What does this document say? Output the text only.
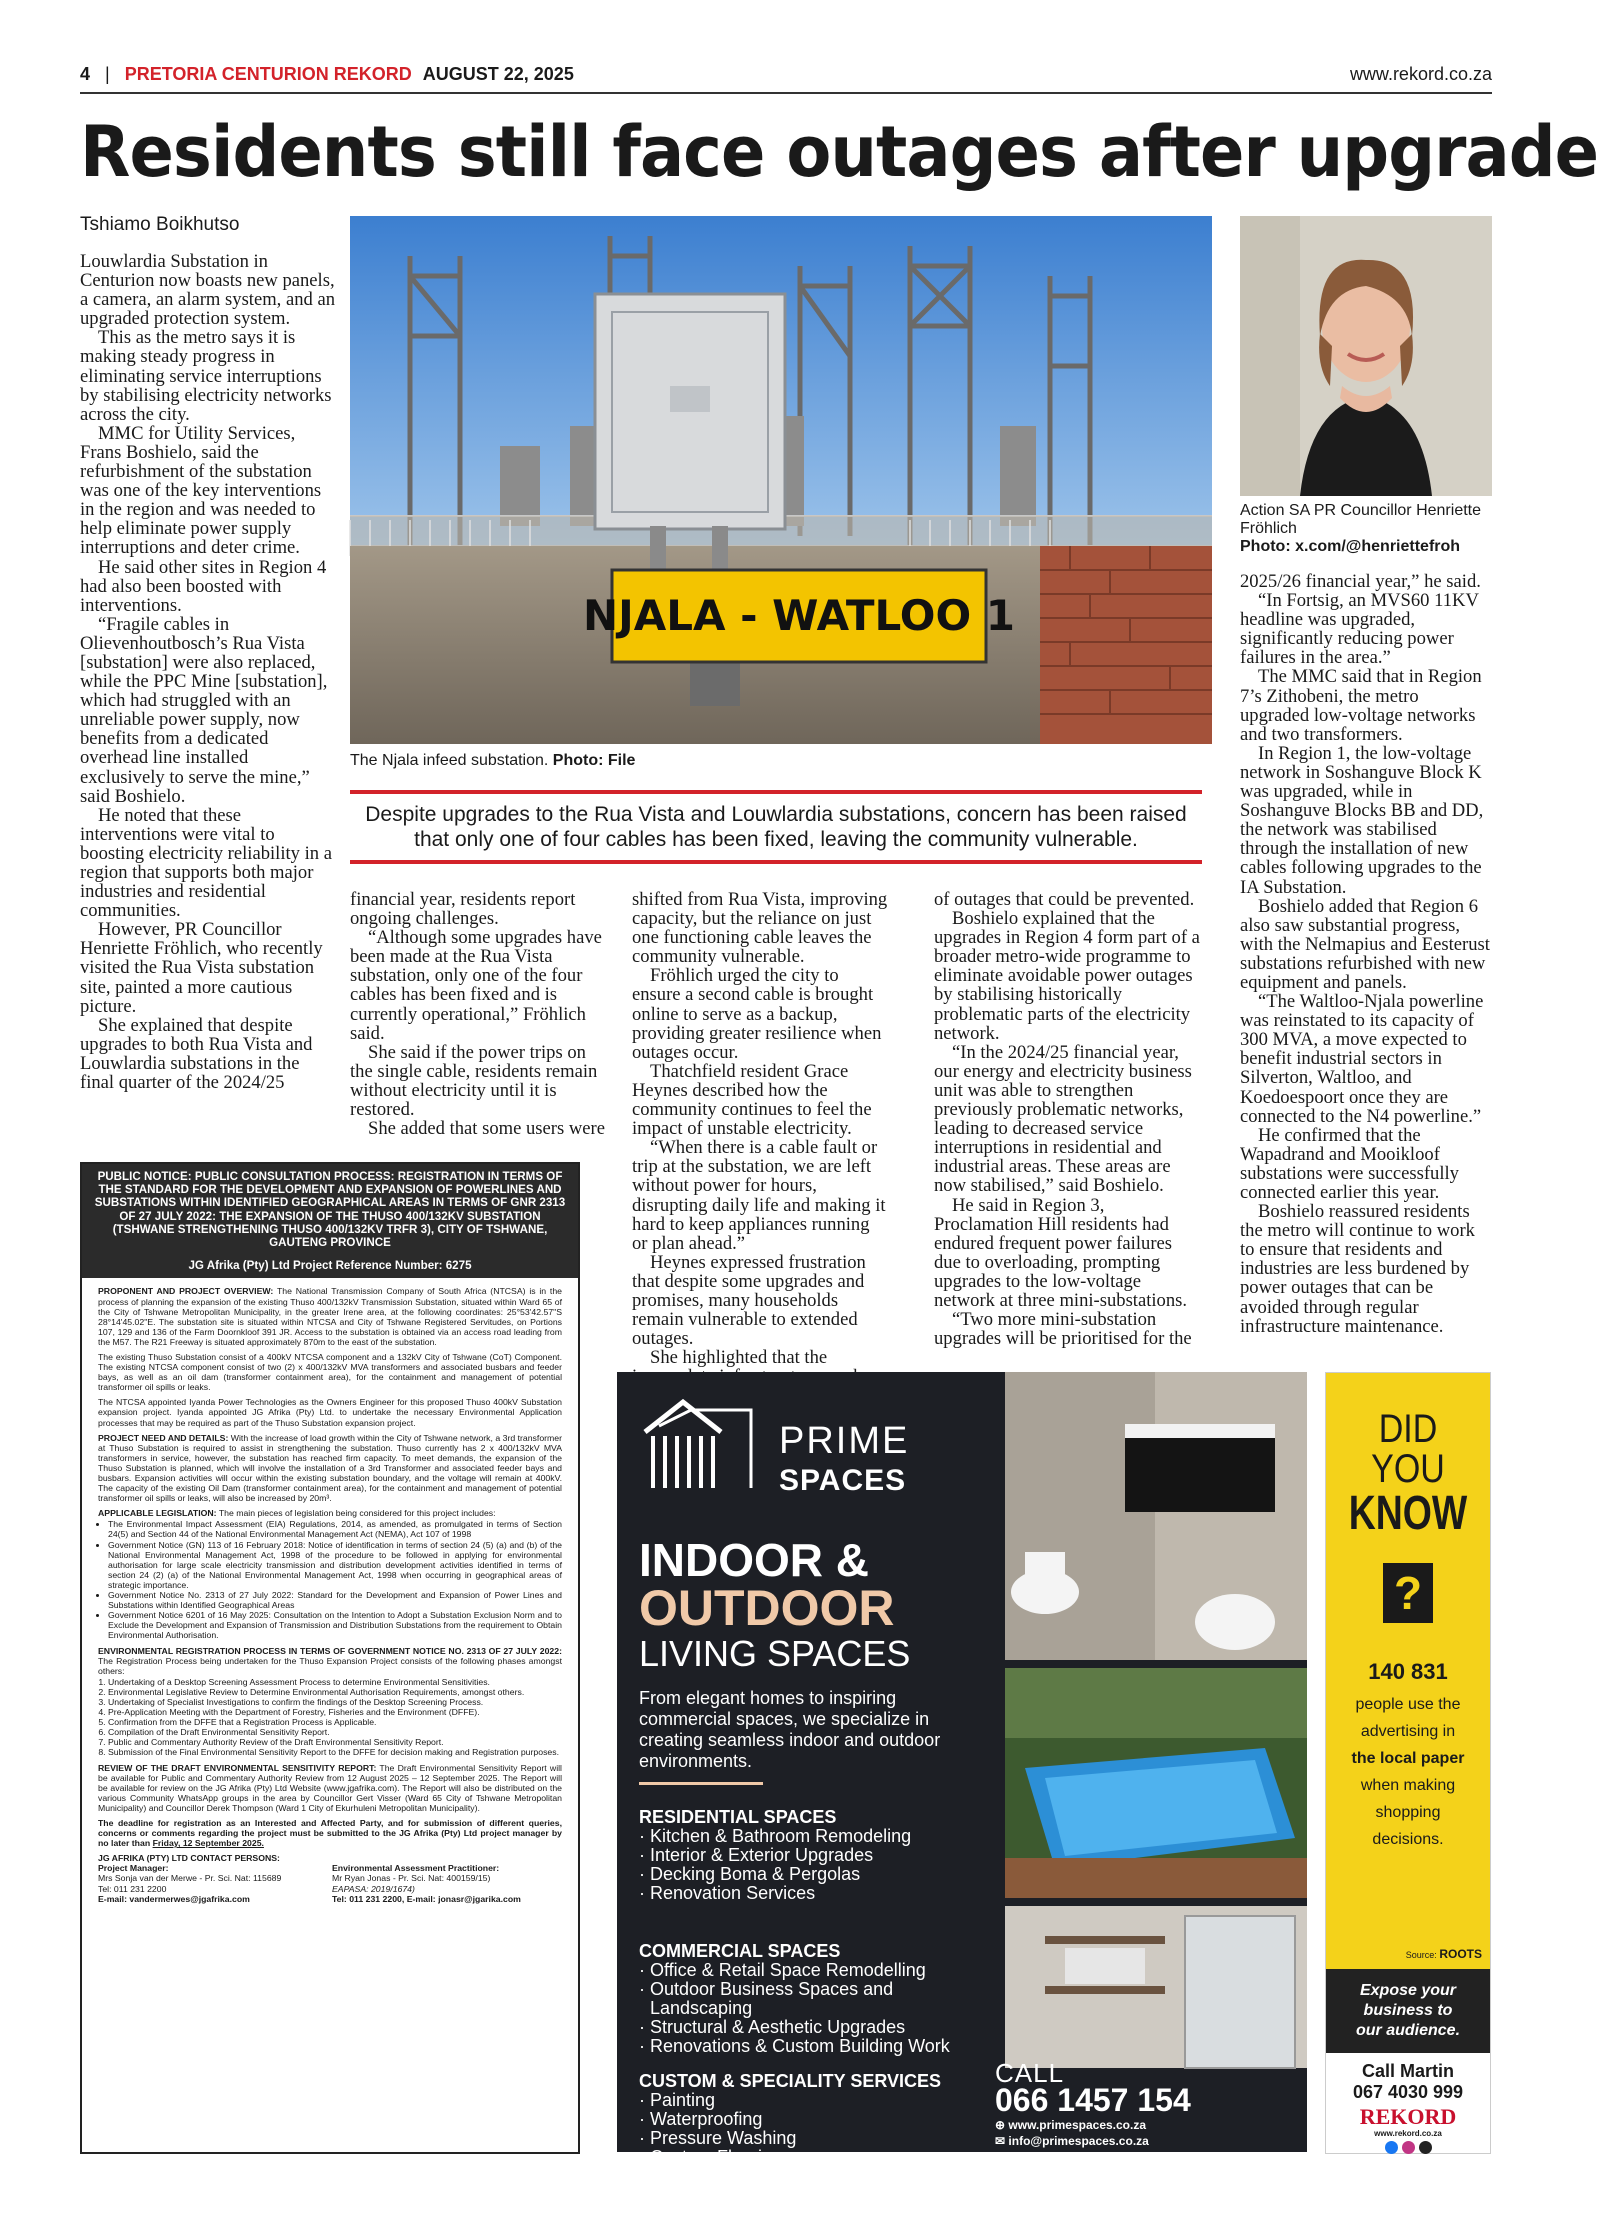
4 | PRETORIA CENTURION REKORD AUGUST 22, 2025	www.rekord.co.za
Residents still face outages after upgrade
Tshiamo Boikhutso

Louwlardia Substation in Centurion now boasts new panels, a camera, an alarm system, and an upgraded protection system.

This as the metro says it is making steady progress in eliminating service interruptions by stabilising electricity networks across the city.

MMC for Utility Services, Frans Boshielo, said the refurbishment of the substation was one of the key interventions in the region and was needed to help eliminate power supply interruptions and deter crime.

He said other sites in Region 4 had also been boosted with interventions.

“Fragile cables in Olievenhoutbosch’s Rua Vista [substation] were also replaced, while the PPC Mine [substation], which had struggled with an unreliable power supply, now benefits from a dedicated overhead line installed exclusively to serve the mine,” said Boshielo.

He noted that these interventions were vital to boosting electricity reliability in a region that supports both major industries and residential communities.

However, PR Councillor Henriette Fröhlich, who recently visited the Rua Vista substation site, painted a more cautious picture.

She explained that despite upgrades to both Rua Vista and Louwlardia substations in the final quarter of the 2024/25

NJALA - WATLOO 1
The Njala infeed substation. Photo: File
Action SA PR Councillor Henriette Fröhlich
Photo: x.com/@henriettefroh
Despite upgrades to the Rua Vista and Louwlardia substations, concern has been raised that only one of four cables has been fixed, leaving the community vulnerable.

financial year, residents report ongoing challenges.

“Although some upgrades have been made at the Rua Vista substation, only one of the four cables has been fixed and is currently operational,” Fröhlich said.

She said if the power trips on the single cable, residents remain without electricity until it is restored.

She added that some users were

shifted from Rua Vista, improving capacity, but the reliance on just one functioning cable leaves the community vulnerable.

Fröhlich urged the city to ensure a second cable is brought online to serve as a backup, providing greater resilience when outages occur.

Thatchfield resident Grace Heynes described how the community continues to feel the impact of unstable electricity.

“When there is a cable fault or trip at the substation, we are left without power for hours, disrupting daily life and making it hard to keep appliances running or plan ahead.”

Heynes expressed frustration that despite some upgrades and promises, many households remain vulnerable to extended outages.

She highlighted that the

of outages that could be prevented.

Boshielo explained that the upgrades in Region 4 form part of a broader metro-wide programme to eliminate avoidable power outages by stabilising historically problematic parts of the electricity network.

“In the 2024/25 financial year, our energy and electricity business unit was able to strengthen previously problematic networks, leading to decreased service interruptions in residential and industrial areas. These areas are now stabilised,” said Boshielo.

He said in Region 3, Proclamation Hill residents had endured frequent power failures due to overloading, prompting upgrades to the low-voltage network at three mini-substations.

“Two more mini-substation upgrades will be prioritised for the

2025/26 financial year,” he said.

“In Fortsig, an MVS60 11KV headline was upgraded, significantly reducing power failures in the area.”

The MMC said that in Region 7’s Zithobeni, the metro upgraded low-voltage networks and two transformers.

In Region 1, the low-voltage network in Soshanguve Block K was upgraded, while in Soshanguve Blocks BB and DD, the network was stabilised through the installation of new cables following upgrades to the IA Substation.

Boshielo added that Region 6 also saw substantial progress, with the Nelmapius and Eesterust substations refurbished with new equipment and panels.

“The Waltloo-Njala powerline was reinstated to its capacity of 300 MVA, a move expected to benefit industrial sectors in Silverton, Waltloo, and Koedoespoort once they are connected to the N4 powerline.”

He confirmed that the Wapadrand and Mooikloof substations were successfully connected earlier this year.

Boshielo reassured residents the metro will continue to work to ensure that residents and industries are less burdened by power outages that can be avoided through regular infrastructure maintenance.

PUBLIC NOTICE: PUBLIC CONSULTATION PROCESS: REGISTRATION IN TERMS OF THE STANDARD FOR THE DEVELOPMENT AND EXPANSION OF POWERLINES AND SUBSTATIONS WITHIN IDENTIFIED GEOGRAPHICAL AREAS IN TERMS OF GNR 2313 OF 27 JULY 2022: THE EXPANSION OF THE THUSO 400/132KV SUBSTATION (TSHWANE STRENGTHENING THUSO 400/132KV TRFR 3), CITY OF TSHWANE, GAUTENG PROVINCE
JG Afrika (Pty) Ltd Project Reference Number: 6275

PROPONENT AND PROJECT OVERVIEW: The National Transmission Company of South Africa (NTCSA) is in the process of planning the expansion of the existing Thuso 400/132kV Transmission Substation, situated within Ward 65 of the City of Tshwane Metropolitan Municipality, in the greater Irene area, at the following coordinates: 25°53'42.57"S 28°14'45.02"E. The substation site is situated within NTCSA and City of Tshwane Registered Servitudes, on Portions 107, 129 and 136 of the Farm Doornkloof 391 JR. Access to the substation is obtained via an access road leading from the M57. The R21 Freeway is situated approximately 870m to the east of the substation.

The existing Thuso Substation consist of a 400kV NTCSA component and a 132kV City of Tshwane (CoT) Component. The existing NTCSA component consist of two (2) x 400/132kV MVA transformers and associated busbars and feeder bays, as well as an oil dam (transformer containment area), for the containment and management of potential transformer oil spills or leaks.

The NTCSA appointed Iyanda Power Technologies as the Owners Engineer for this proposed Thuso 400kV Substation expansion project. Iyanda appointed JG Afrika (Pty) Ltd. to undertake the necessary Environmental Application processes that may be required as part of the Thuso Substation expansion project.

PROJECT NEED AND DETAILS: With the increase of load growth within the City of Tshwane network, a 3rd transformer at Thuso Substation is required to assist in strengthening the substation. Thuso currently has 2 x 400/132kV MVA transformers in service, however, the substation has reached firm capacity. To meet demands, the expansion of the Thuso Substation is planned, which will involve the installation of a 3rd Transformer and associated feeder bays and busbars. Expansion activities will occur within the existing substation boundary, and the voltage will remain at 400kV. The capacity of the existing Oil Dam (transformer containment area), for the containment and management of potential transformer oil spills or leaks, will also be increased by 20m³.

APPLICABLE LEGISLATION: The main pieces of legislation being considered for this project includes:

• The Environmental Impact Assessment (EIA) Regulations, 2014, as amended, as promulgated in terms of Section 24(5) and Section 44 of the National Environmental Management Act (NEMA), Act 107 of 1998
• Government Notice (GN) 113 of 16 February 2018: Notice of identification in terms of section 24 (5) (a) and (b) of the National Environmental Management Act, 1998 of the procedure to be followed in applying for environmental authorisation for large scale electricity transmission and distribution development activities identified in terms of section 24 (2) (a) of the National Environmental Management Act, 1998 when occurring in geographical areas of strategic importance.
• Government Notice No. 2313 of 27 July 2022: Standard for the Development and Expansion of Power Lines and Substations within Identified Geographical Areas
• Government Notice 6201 of 16 May 2025: Consultation on the Intention to Adopt a Substation Exclusion Norm and to Exclude the Development and Expansion of Transmission and Distribution Substations from the requirement to Obtain Environmental Authorisation.

ENVIRONMENTAL REGISTRATION PROCESS IN TERMS OF GOVERNMENT NOTICE NO. 2313 OF 27 JULY 2022: The Registration Process being undertaken for the Thuso Expansion Project consists of the following phases amongst others:

1. Undertaking of a Desktop Screening Assessment Process to determine Environmental Sensitivities.
2. Environmental Legislative Review to Determine Environmental Authorisation Requirements, amongst others.
3. Undertaking of Specialist Investigations to confirm the findings of the Desktop Screening Process.
4. Pre-Application Meeting with the Department of Forestry, Fisheries and the Environment (DFFE).
5. Confirmation from the DFFE that a Registration Process is Applicable.
6. Compilation of the Draft Environmental Sensitivity Report.
7. Public and Commentary Authority Review of the Draft Environmental Sensitivity Report.
8. Submission of the Final Environmental Sensitivity Report to the DFFE for decision making and Registration purposes.

REVIEW OF THE DRAFT ENVIRONMENTAL SENSITIVITY REPORT: The Draft Environmental Sensitivity Report will be available for Public and Commentary Authority Review from 12 August 2025 – 12 September 2025. The Report will be available for review on the JG Afrika (Pty) Ltd Website (www.jgafrika.com). The Report will also be distributed on the various Community WhatsApp groups in the area by Councillor Gert Visser (Ward 65 City of Tshwane Metropolitan Municipality) and Councillor Derek Thompson (Ward 1 City of Ekurhuleni Metropolitan Municipality).

The deadline for registration as an Interested and Affected Party, and for submission of different queries, concerns or comments regarding the project must be submitted to the JG Afrika (Pty) Ltd project manager by no later than Friday, 12 September 2025.

JG AFRIKA (PTY) LTD CONTACT PERSONS:
Project Manager:
Mrs Sonja van der Merwe - Pr. Sci. Nat: 115689
Tel: 011 231 2200
E-mail: vandermerwes@jgafrika.com
Environmental Assessment Practitioner:
Mr Ryan Jonas - Pr. Sci. Nat: 400159/15)
EAPASA: 2019/1674)
Tel: 011 231 2200, E-mail: jonasr@jgarika.com
PRIME
SPACES
INDOOR &
OUTDOOR
LIVING SPACES
From elegant homes to inspiring commercial spaces, we specialize in creating seamless indoor and outdoor environments.
RESIDENTIAL SPACES
· Kitchen & Bathroom Remodeling
· Interior & Exterior Upgrades
· Decking Boma & Pergolas
· Renovation Services
COMMERCIAL SPACES
· Office & Retail Space Remodelling
· Outdoor Business Spaces and Landscaping
· Structural & Aesthetic Upgrades
· Renovations & Custom Building Work
CUSTOM & SPECIALITY SERVICES
· Painting
· Waterproofing
· Pressure Washing
· Custom Flooring
CALL
066 1457 154
⊕ www.primespaces.co.za
✉ info@primespaces.co.za
DID
YOU
KNOW
?
140 831
people use the
advertising in
the local paper
when making
shopping
decisions.
Source: ROOTS
Expose your
business to
our audience.
Call Martin
067 4030 999
REKORD
www.rekord.co.za
